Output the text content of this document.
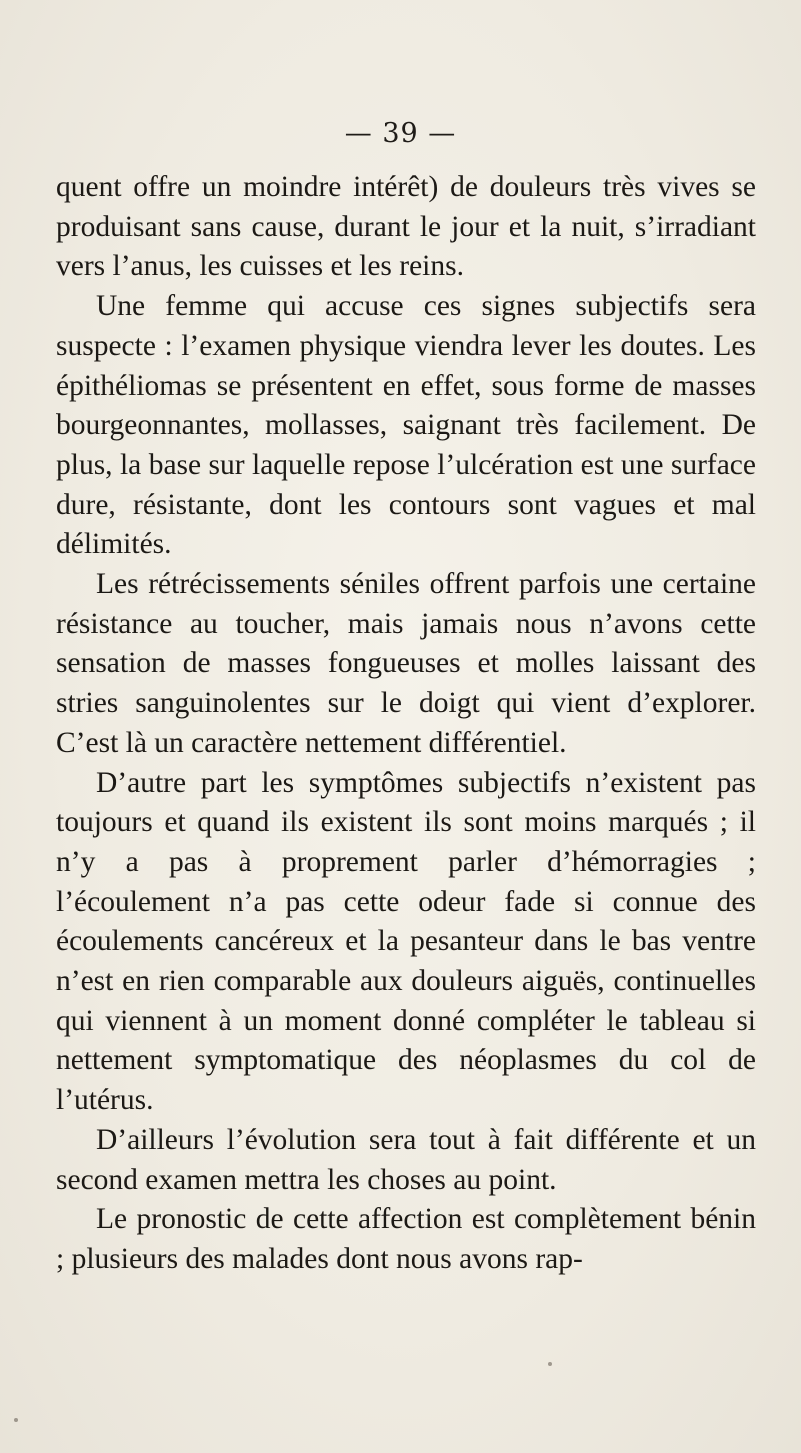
— 39 —

quent offre un moindre intérêt) de douleurs très vives se produisant sans cause, durant le jour et la nuit, s’irradiant vers l’anus, les cuisses et les reins.

Une femme qui accuse ces signes subjectifs sera suspecte : l’examen physique viendra lever les doutes. Les épithéliomas se présentent en effet, sous forme de masses bourgeonnantes, mollasses, saignant très facilement. De plus, la base sur laquelle repose l’ulcération est une surface dure, résistante, dont les contours sont vagues et mal délimités.

Les rétrécissements séniles offrent parfois une certaine résistance au toucher, mais jamais nous n’avons cette sensation de masses fongueuses et molles laissant des stries sanguinolentes sur le doigt qui vient d’explorer. C’est là un caractère nettement différentiel.

D’autre part les symptômes subjectifs n’existent pas toujours et quand ils existent ils sont moins marqués ; il n’y a pas à proprement parler d’hémorragies ; l’écoulement n’a pas cette odeur fade si connue des écoulements cancéreux et la pesanteur dans le bas ventre n’est en rien comparable aux douleurs aiguës, continuelles qui viennent à un moment donné compléter le tableau si nettement symptomatique des néoplasmes du col de l’utérus.

D’ailleurs l’évolution sera tout à fait différente et un second examen mettra les choses au point.

Le pronostic de cette affection est complètement bénin ; plusieurs des malades dont nous avons rap-
